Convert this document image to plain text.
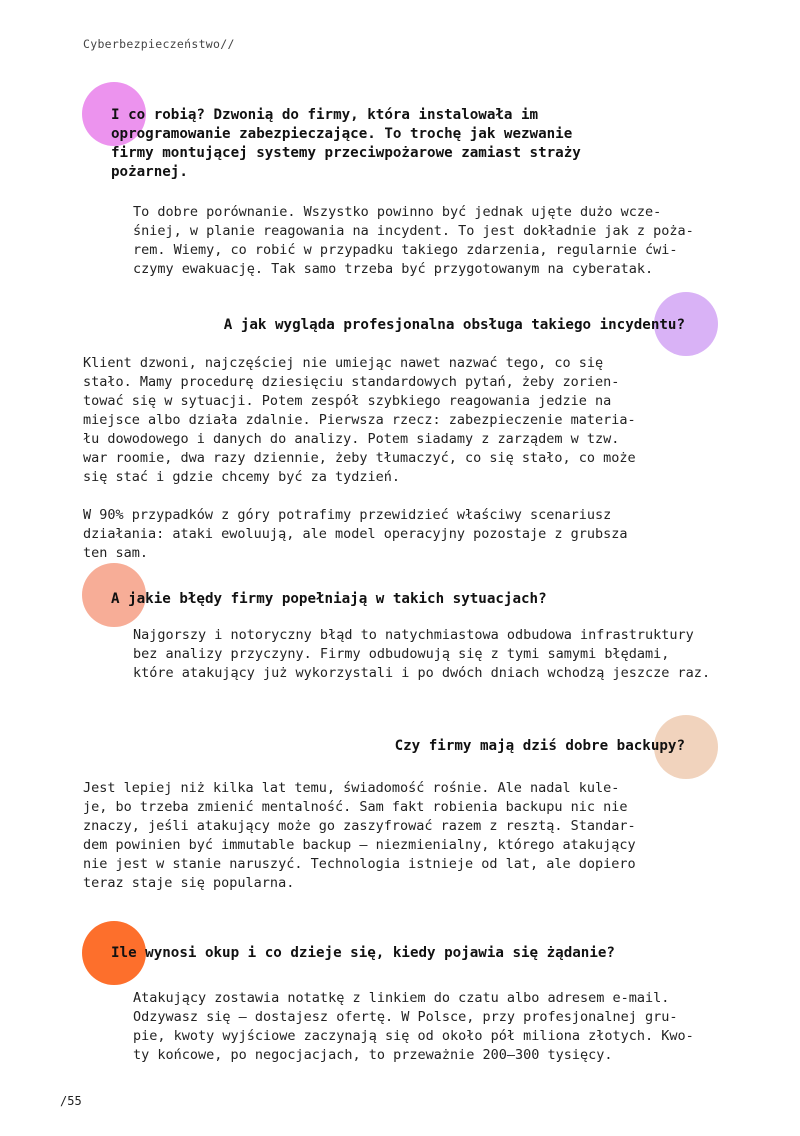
Cyberbezpieczeństwo//
I co robią? Dzwonią do firmy, która instalowała im
oprogramowanie zabezpieczające. To trochę jak wezwanie
firmy montującej systemy przeciwpożarowe zamiast straży
pożarnej.

To dobre porównanie. Wszystko powinno być jednak ujęte dużo wcze-
śniej, w planie reagowania na incydent. To jest dokładnie jak z poża-
rem. Wiemy, co robić w przypadku takiego zdarzenia, regularnie ćwi-
czymy ewakuację. Tak samo trzeba być przygotowanym na cyberatak.

A jak wygląda profesjonalna obsługa takiego incydentu?

Klient dzwoni, najczęściej nie umiejąc nawet nazwać tego, co się
stało. Mamy procedurę dziesięciu standardowych pytań, żeby zorien-
tować się w sytuacji. Potem zespół szybkiego reagowania jedzie na
miejsce albo działa zdalnie. Pierwsza rzecz: zabezpieczenie materia-
łu dowodowego i danych do analizy. Potem siadamy z zarządem w tzw.
war roomie, dwa razy dziennie, żeby tłumaczyć, co się stało, co może
się stać i gdzie chcemy być za tydzień.

W 90% przypadków z góry potrafimy przewidzieć właściwy scenariusz
działania: ataki ewoluują, ale model operacyjny pozostaje z grubsza
ten sam.

A jakie błędy firmy popełniają w takich sytuacjach?

Najgorszy i notoryczny błąd to natychmiastowa odbudowa infrastruktury
bez analizy przyczyny. Firmy odbudowują się z tymi samymi błędami,
które atakujący już wykorzystali i po dwóch dniach wchodzą jeszcze raz.

Czy firmy mają dziś dobre backupy?

Jest lepiej niż kilka lat temu, świadomość rośnie. Ale nadal kule-
je, bo trzeba zmienić mentalność. Sam fakt robienia backupu nic nie
znaczy, jeśli atakujący może go zaszyfrować razem z resztą. Standar-
dem powinien być immutable backup – niezmienialny, którego atakujący
nie jest w stanie naruszyć. Technologia istnieje od lat, ale dopiero
teraz staje się popularna.

Ile wynosi okup i co dzieje się, kiedy pojawia się żądanie?

Atakujący zostawia notatkę z linkiem do czatu albo adresem e-mail.
Odzywasz się – dostajesz ofertę. W Polsce, przy profesjonalnej gru-
pie, kwoty wyjściowe zaczynają się od około pół miliona złotych. Kwo-
ty końcowe, po negocjacjach, to przeważnie 200–300 tysięcy.

/55
